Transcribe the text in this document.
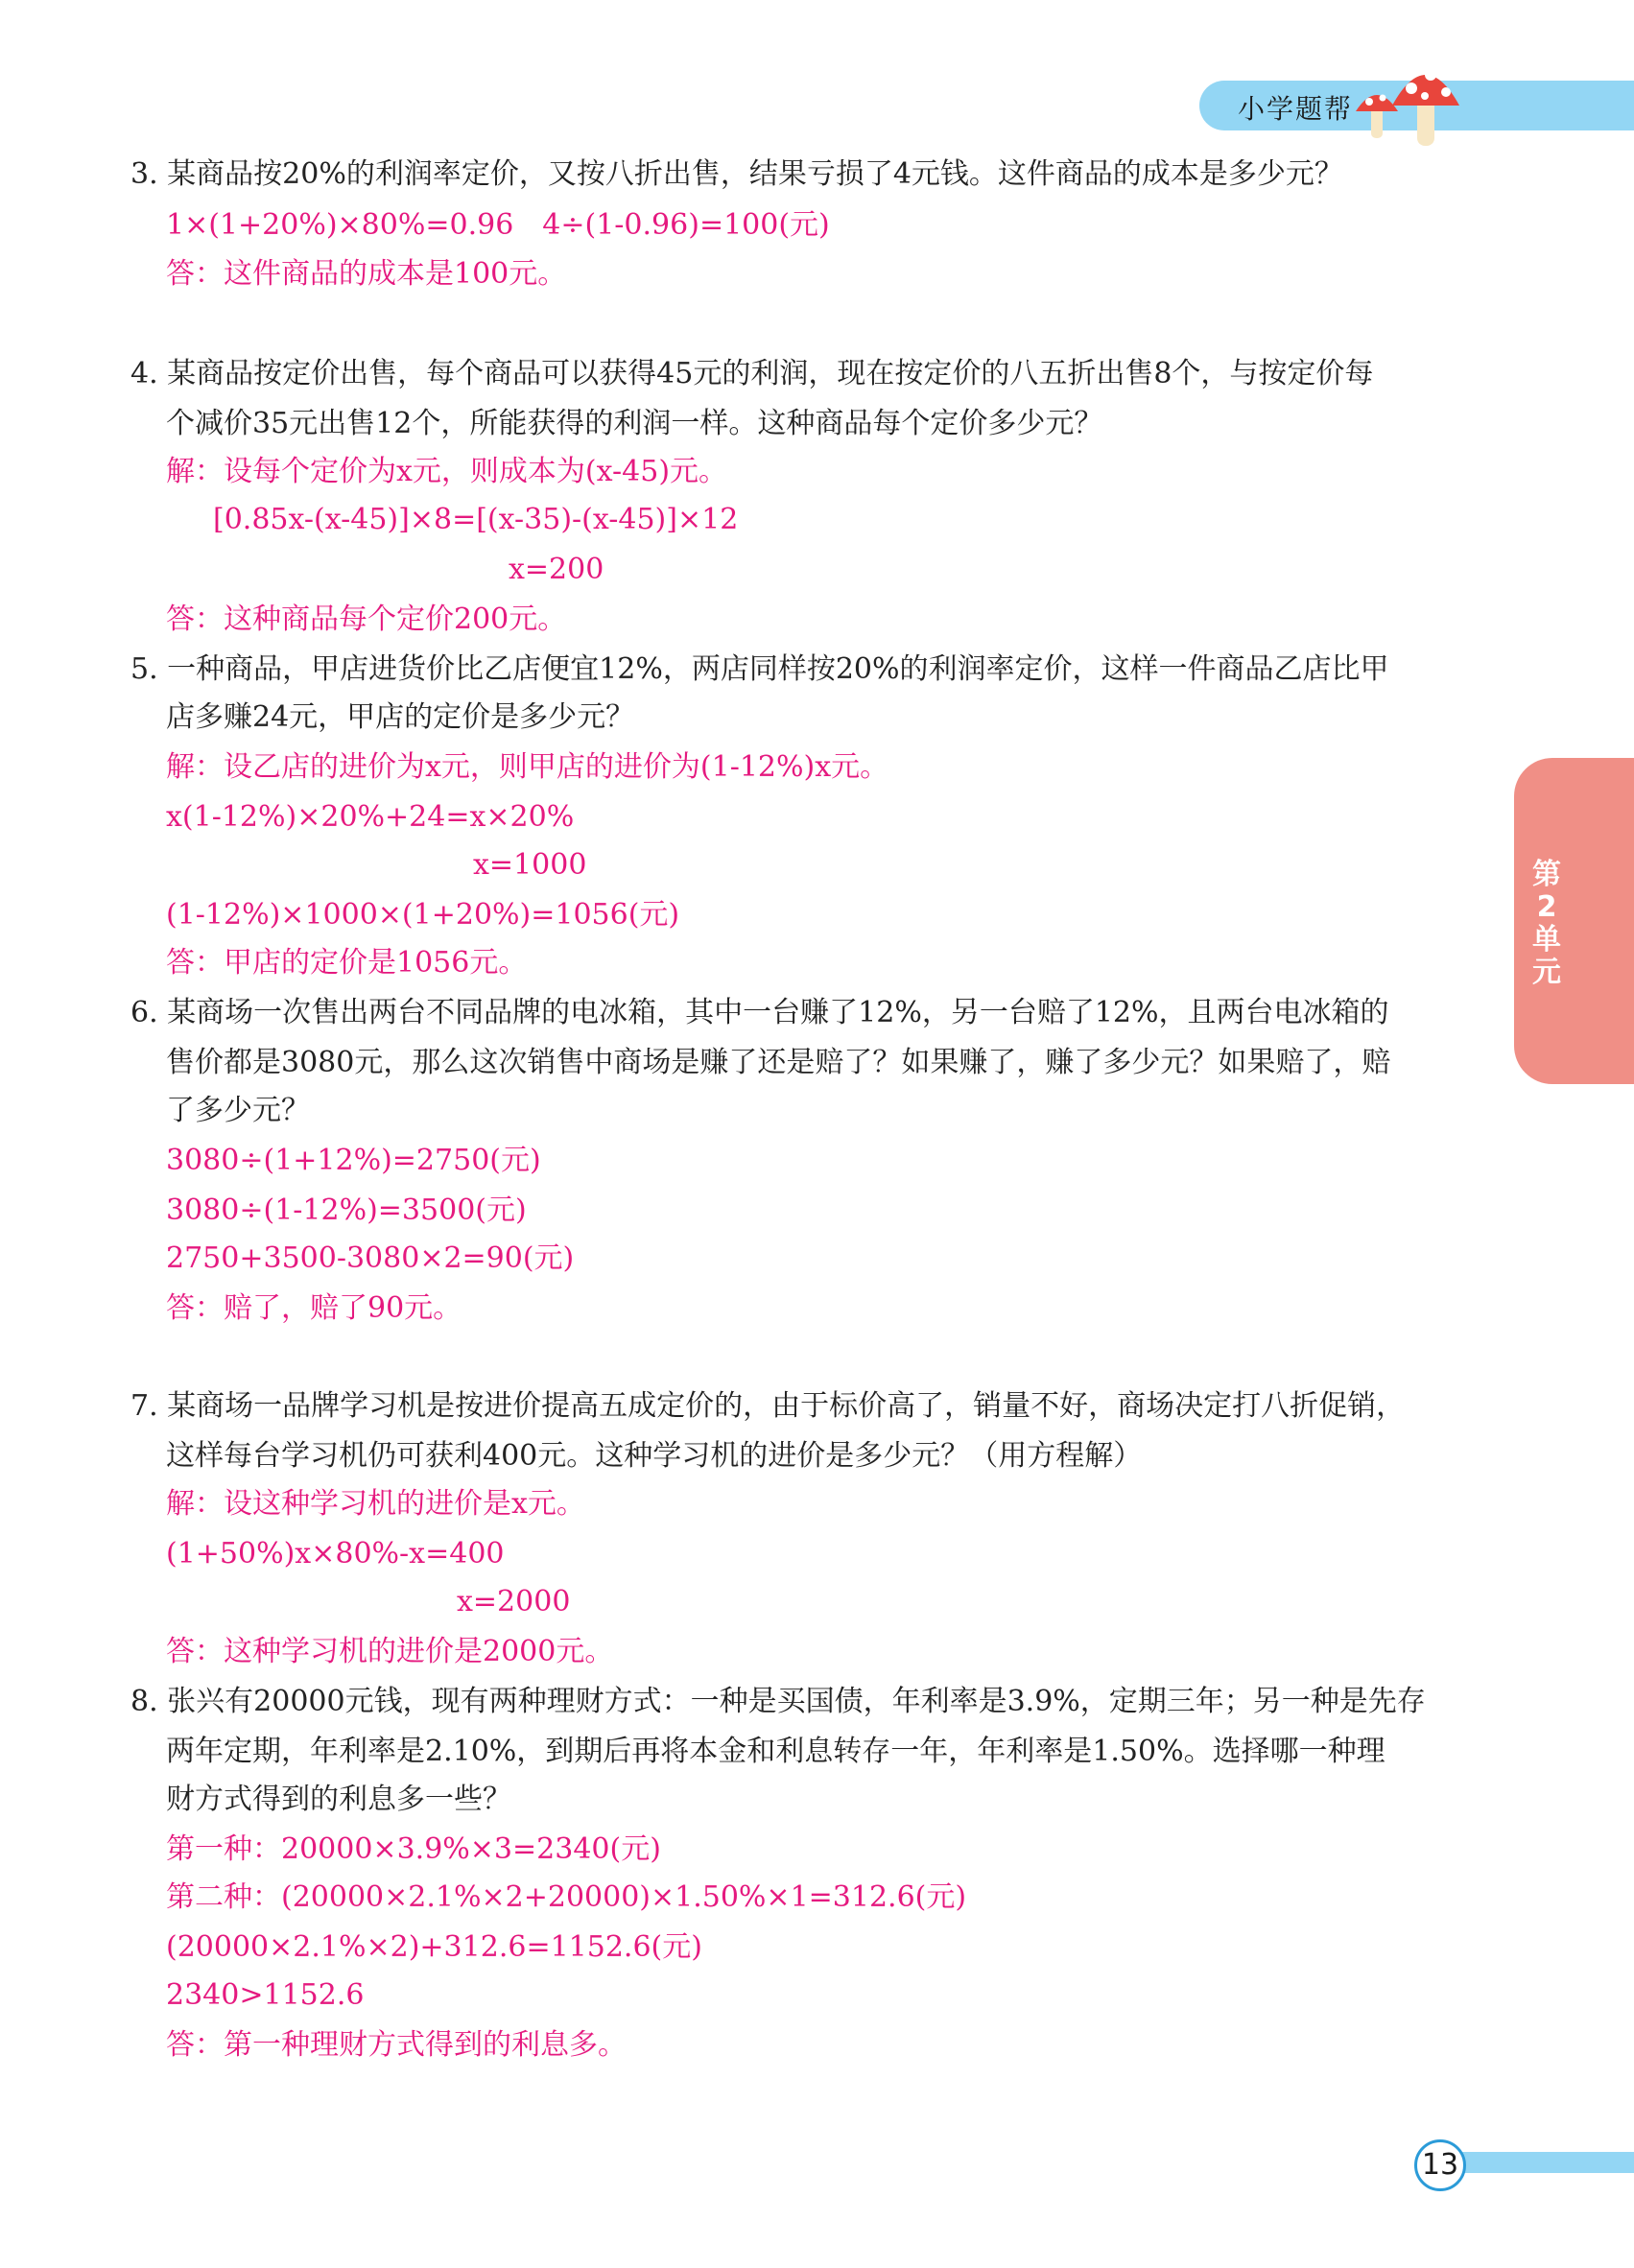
小学题帮
第2单元
13

3. 某商品按20%的利润率定价，又按八折出售，结果亏损了4元钱。这件商品的成本是多少元？

1×(1+20%)×80%=0.96　4÷(1-0.96)=100(元)

答：这件商品的成本是100元。

4. 某商品按定价出售，每个商品可以获得45元的利润，现在按定价的八五折出售8个，与按定价每

个减价35元出售12个，所能获得的利润一样。这种商品每个定价多少元？

解：设每个定价为x元，则成本为(x-45)元。

[0.85x-(x-45)]×8=[(x-35)-(x-45)]×12

x=200

答：这种商品每个定价200元。

5. 一种商品，甲店进货价比乙店便宜12%，两店同样按20%的利润率定价，这样一件商品乙店比甲

店多赚24元，甲店的定价是多少元？

解：设乙店的进价为x元，则甲店的进价为(1-12%)x元。

x(1-12%)×20%+24=x×20%

x=1000

(1-12%)×1000×(1+20%)=1056(元)

答：甲店的定价是1056元。

6. 某商场一次售出两台不同品牌的电冰箱，其中一台赚了12%，另一台赔了12%，且两台电冰箱的

售价都是3080元，那么这次销售中商场是赚了还是赔了？如果赚了，赚了多少元？如果赔了，赔

了多少元？

3080÷(1+12%)=2750(元)

3080÷(1-12%)=3500(元)

2750+3500-3080×2=90(元)

答：赔了，赔了90元。

7. 某商场一品牌学习机是按进价提高五成定价的，由于标价高了，销量不好，商场决定打八折促销，

这样每台学习机仍可获利400元。这种学习机的进价是多少元？（用方程解）

解：设这种学习机的进价是x元。

(1+50%)x×80%-x=400

x=2000

答：这种学习机的进价是2000元。

8. 张兴有20000元钱，现有两种理财方式：一种是买国债，年利率是3.9%，定期三年；另一种是先存

两年定期，年利率是2.10%，到期后再将本金和利息转存一年，年利率是1.50%。选择哪一种理

财方式得到的利息多一些？

第一种：20000×3.9%×3=2340(元)

第二种：(20000×2.1%×2+20000)×1.50%×1=312.6(元)

(20000×2.1%×2)+312.6=1152.6(元)

2340>1152.6

答：第一种理财方式得到的利息多。
